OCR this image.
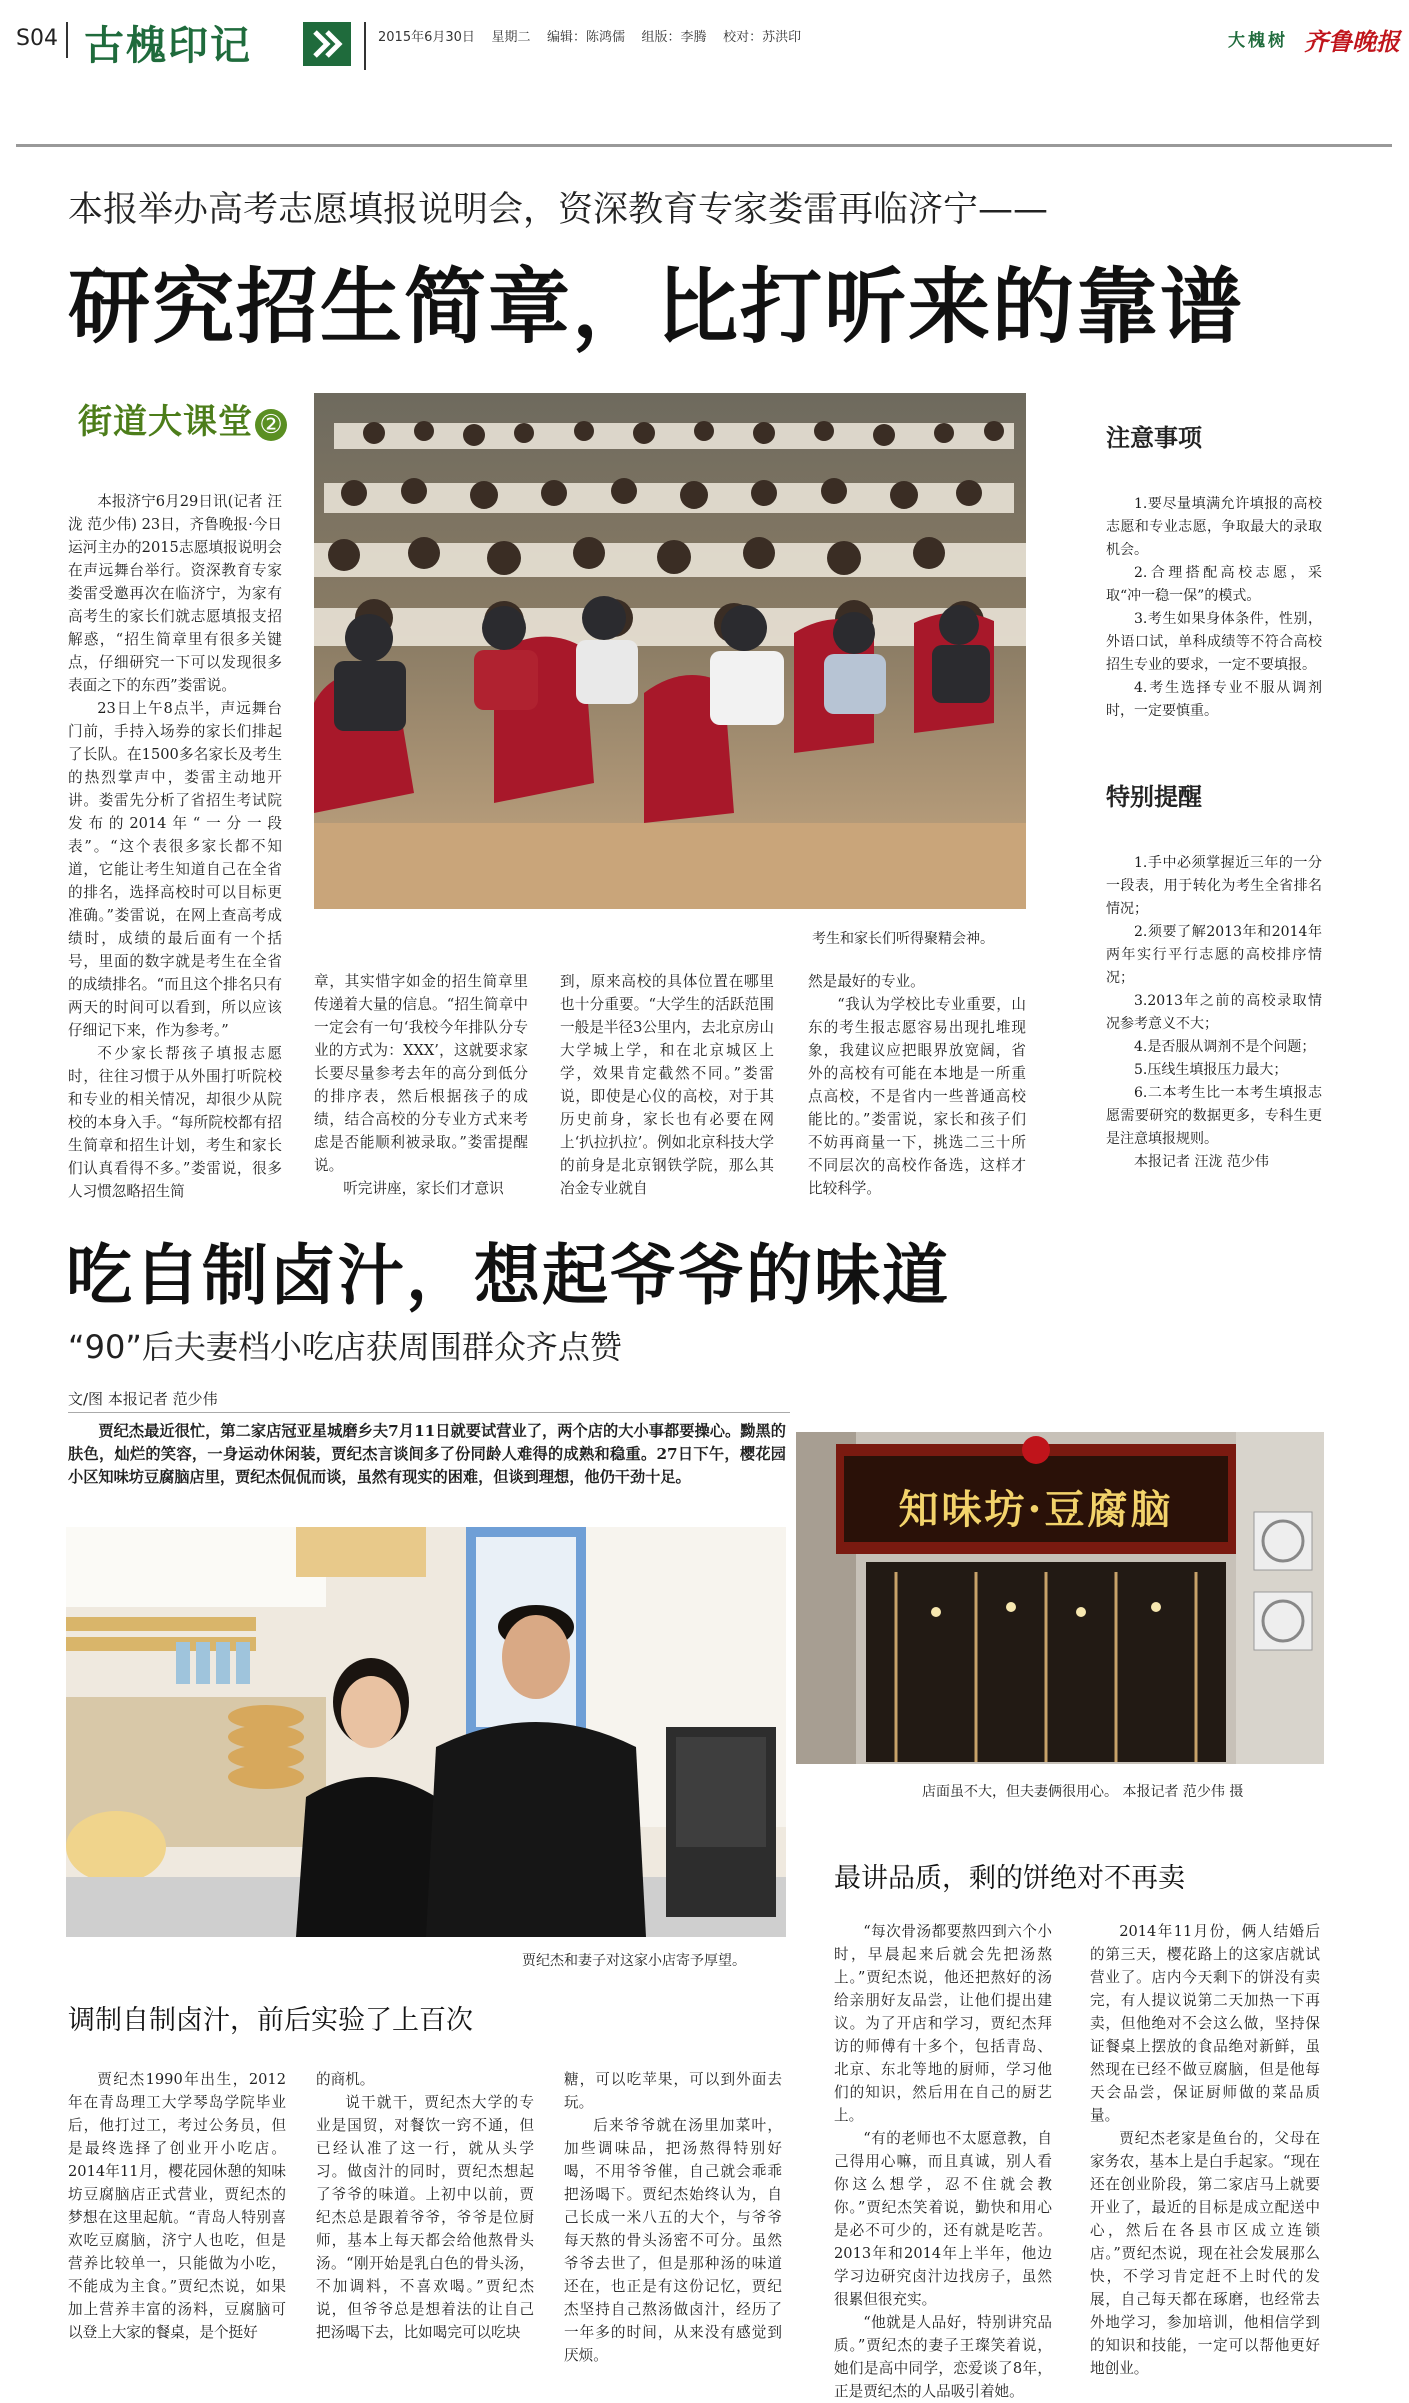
S04 古槐印记	2015年6月30日 星期二 编辑：陈鸿儒 组版：李腾 校对：苏洪印	大槐树 齐鲁晚报
本报举办高考志愿填报说明会，资深教育专家娄雷再临济宁——
研究招生简章，比打听来的靠谱
街道大课堂 ②
考生和家长们听得聚精会神。

本报济宁6月29日讯(记者 汪泷 范少伟) 23日，齐鲁晚报·今日运河主办的2015志愿填报说明会在声远舞台举行。资深教育专家娄雷受邀再次在临济宁，为家有高考生的家长们就志愿填报支招解惑，“招生简章里有很多关键点，仔细研究一下可以发现很多表面之下的东西”娄雷说。

23日上午8点半，声远舞台门前，手持入场券的家长们排起了长队。在1500多名家长及考生的热烈掌声中，娄雷主动地开讲。娄雷先分析了省招生考试院发布的2014年“一分一段表”。“这个表很多家长都不知道，它能让考生知道自己在全省的排名，选择高校时可以目标更准确。”娄雷说，在网上查高考成绩时，成绩的最后面有一个括号，里面的数字就是考生在全省的成绩排名。“而且这个排名只有两天的时间可以看到，所以应该仔细记下来，作为参考。”

不少家长帮孩子填报志愿时，往往习惯于从外围打听院校和专业的相关情况，却很少从院校的本身入手。“每所院校都有招生简章和招生计划，考生和家长们认真看得不多。”娄雷说，很多人习惯忽略招生简

章，其实惜字如金的招生简章里传递着大量的信息。“招生简章中一定会有一句‘我校今年排队分专业的方式为：XXX’，这就要求家长要尽量参考去年的高分到低分的排序表，然后根据孩子的成绩，结合高校的分专业方式来考虑是否能顺利被录取。”娄雷提醒说。

听完讲座，家长们才意识

到，原来高校的具体位置在哪里也十分重要。“大学生的活跃范围一般是半径3公里内，去北京房山大学城上学，和在北京城区上学，效果肯定截然不同。”娄雷说，即使是心仪的高校，对于其历史前身，家长也有必要在网上‘扒拉扒拉’。例如北京科技大学的前身是北京钢铁学院，那么其冶金专业就自

然是最好的专业。

“我认为学校比专业重要，山东的考生报志愿容易出现扎堆现象，我建议应把眼界放宽阔，省外的高校有可能在本地是一所重点高校，不是省内一些普通高校能比的。”娄雷说，家长和孩子们不妨再商量一下，挑选二三十所不同层次的高校作备选，这样才比较科学。

注意事项

1.要尽量填满允许填报的高校志愿和专业志愿，争取最大的录取机会。

2.合理搭配高校志愿，采取“冲一稳一保”的模式。

3.考生如果身体条件，性别，外语口试，单科成绩等不符合高校招生专业的要求，一定不要填报。

4.考生选择专业不服从调剂时，一定要慎重。

特别提醒

1.手中必须掌握近三年的一分一段表，用于转化为考生全省排名情况；

2.须要了解2013年和2014年两年实行平行志愿的高校排序情况；

3.2013年之前的高校录取情况参考意义不大；

4.是否服从调剂不是个问题；

5.压线生填报压力最大；

6.二本考生比一本考生填报志愿需要研究的数据更多，专科生更是注意填报规则。

本报记者 汪泷 范少伟

吃自制卤汁，想起爷爷的味道
“90”后夫妻档小吃店获周围群众齐点赞
文/图 本报记者 范少伟

贾纪杰最近很忙，第二家店冠亚星城磨乡夫7月11日就要试营业了，两个店的大小事都要操心。黝黑的肤色，灿烂的笑容，一身运动休闲装，贾纪杰言谈间多了份同龄人难得的成熟和稳重。27日下午，樱花园小区知味坊豆腐脑店里，贾纪杰侃侃而谈，虽然有现实的困难，但谈到理想，他仍干劲十足。

知味坊·豆腐脑
店面虽不大，但夫妻俩很用心。 本报记者 范少伟 摄
贾纪杰和妻子对这家小店寄予厚望。
调制自制卤汁，前后实验了上百次
最讲品质，剩的饼绝对不再卖

贾纪杰1990年出生，2012年在青岛理工大学琴岛学院毕业后，他打过工，考过公务员，但是最终选择了创业开小吃店。2014年11月，樱花园休憩的知味坊豆腐脑店正式营业，贾纪杰的梦想在这里起航。“青岛人特别喜欢吃豆腐脑，济宁人也吃，但是营养比较单一，只能做为小吃，不能成为主食。”贾纪杰说，如果加上营养丰富的汤料，豆腐脑可以登上大家的餐桌，是个挺好

的商机。

说干就干，贾纪杰大学的专业是国贸，对餐饮一窍不通，但已经认准了这一行，就从头学习。做卤汁的同时，贾纪杰想起了爷爷的味道。上初中以前，贾纪杰总是跟着爷爷，爷爷是位厨师，基本上每天都会给他熬骨头汤。“刚开始是乳白色的骨头汤，不加调料，不喜欢喝。”贾纪杰说，但爷爷总是想着法的让自己把汤喝下去，比如喝完可以吃块

糖，可以吃苹果，可以到外面去玩。

后来爷爷就在汤里加菜叶，加些调味品，把汤熬得特别好喝，不用爷爷催，自己就会乖乖把汤喝下。贾纪杰始终认为，自己长成一米八五的大个，与爷爷每天熬的骨头汤密不可分。虽然爷爷去世了，但是那种汤的味道还在，也正是有这份记忆，贾纪杰坚持自己熬汤做卤汁，经历了一年多的时间，从来没有感觉到厌烦。

“每次骨汤都要熬四到六个小时，早晨起来后就会先把汤熬上。”贾纪杰说，他还把熬好的汤给亲朋好友品尝，让他们提出建议。为了开店和学习，贾纪杰拜访的师傅有十多个，包括青岛、北京、东北等地的厨师，学习他们的知识，然后用在自己的厨艺上。

“有的老师也不太愿意教，自己得用心嘛，而且真诚，别人看你这么想学，忍不住就会教你。”贾纪杰笑着说，勤快和用心是必不可少的，还有就是吃苦。2013年和2014年上半年，他边学习边研究卤汁边找房子，虽然很累但很充实。

“他就是人品好，特别讲究品质。”贾纪杰的妻子王璨笑着说，她们是高中同学，恋爱谈了8年，正是贾纪杰的人品吸引着她。

2014年11月份，俩人结婚后的第三天，樱花路上的这家店就试营业了。店内今天剩下的饼没有卖完，有人提议说第二天加热一下再卖，但他绝对不会这么做，坚持保证餐桌上摆放的食品绝对新鲜，虽然现在已经不做豆腐脑，但是他每天会品尝，保证厨师做的菜品质量。

贾纪杰老家是鱼台的，父母在家务农，基本上是白手起家。“现在还在创业阶段，第二家店马上就要开业了，最近的目标是成立配送中心，然后在各县市区成立连锁店。”贾纪杰说，现在社会发展那么快，不学习肯定赶不上时代的发展，自己每天都在琢磨，也经常去外地学习，参加培训，他相信学到的知识和技能，一定可以帮他更好地创业。
